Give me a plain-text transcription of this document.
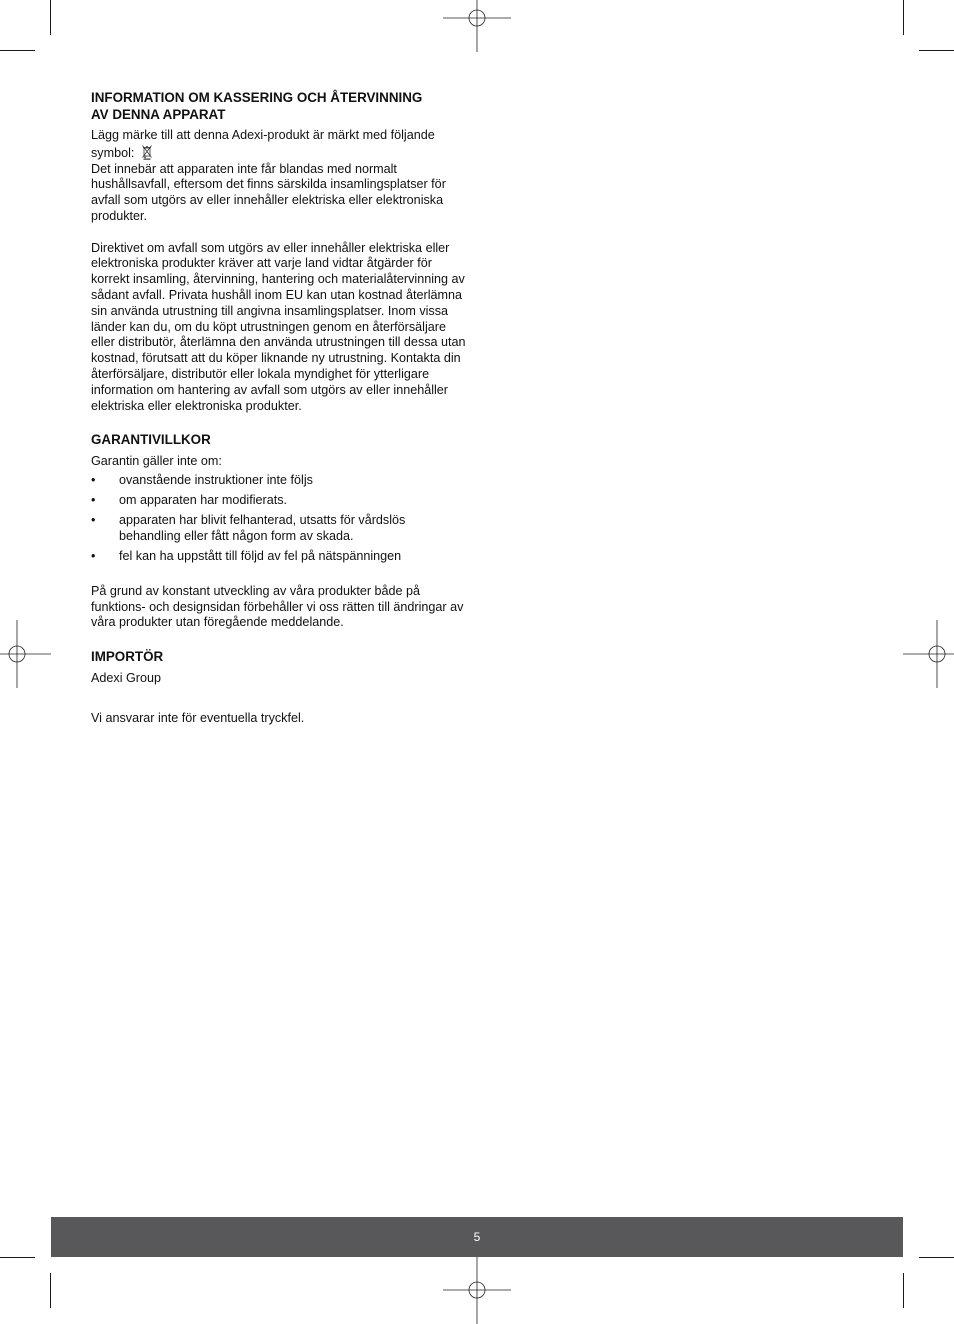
INFORMATION OM KASSERING OCH ÅTERVINNING
AV DENNA APPARAT

Lägg märke till att denna Adexi-produkt är märkt med följande
symbol:

Det innebär att apparaten inte får blandas med normalt hushållsavfall, eftersom det finns särskilda insamlingsplatser för avfall som utgörs av eller innehåller elektriska eller elektroniska produkter.

Direktivet om avfall som utgörs av eller innehåller elektriska eller elektroniska produkter kräver att varje land vidtar åtgärder för korrekt insamling, återvinning, hantering och materialåtervinning av sådant avfall. Privata hushåll inom EU kan utan kostnad återlämna sin använda utrustning till angivna insamlingsplatser. Inom vissa länder kan du, om du köpt utrustningen genom en återförsäljare eller distributör, återlämna den använda utrustningen till dessa utan kostnad, förutsatt att du köper liknande ny utrustning. Kontakta din återförsäljare, distributör eller lokala myndighet för ytterligare information om hantering av avfall som utgörs av eller innehåller elektriska eller elektroniska produkter.

GARANTIVILLKOR

Garantin gäller inte om:

• ovanstående instruktioner inte följs
• om apparaten har modifierats.
• apparaten har blivit felhanterad, utsatts för vårdslös behandling eller fått någon form av skada.
• fel kan ha uppstått till följd av fel på nätspänningen

På grund av konstant utveckling av våra produkter både på funktions- och designsidan förbehåller vi oss rätten till ändringar av våra produkter utan föregående meddelande.

IMPORTÖR

Adexi Group

Vi ansvarar inte för eventuella tryckfel.

5
